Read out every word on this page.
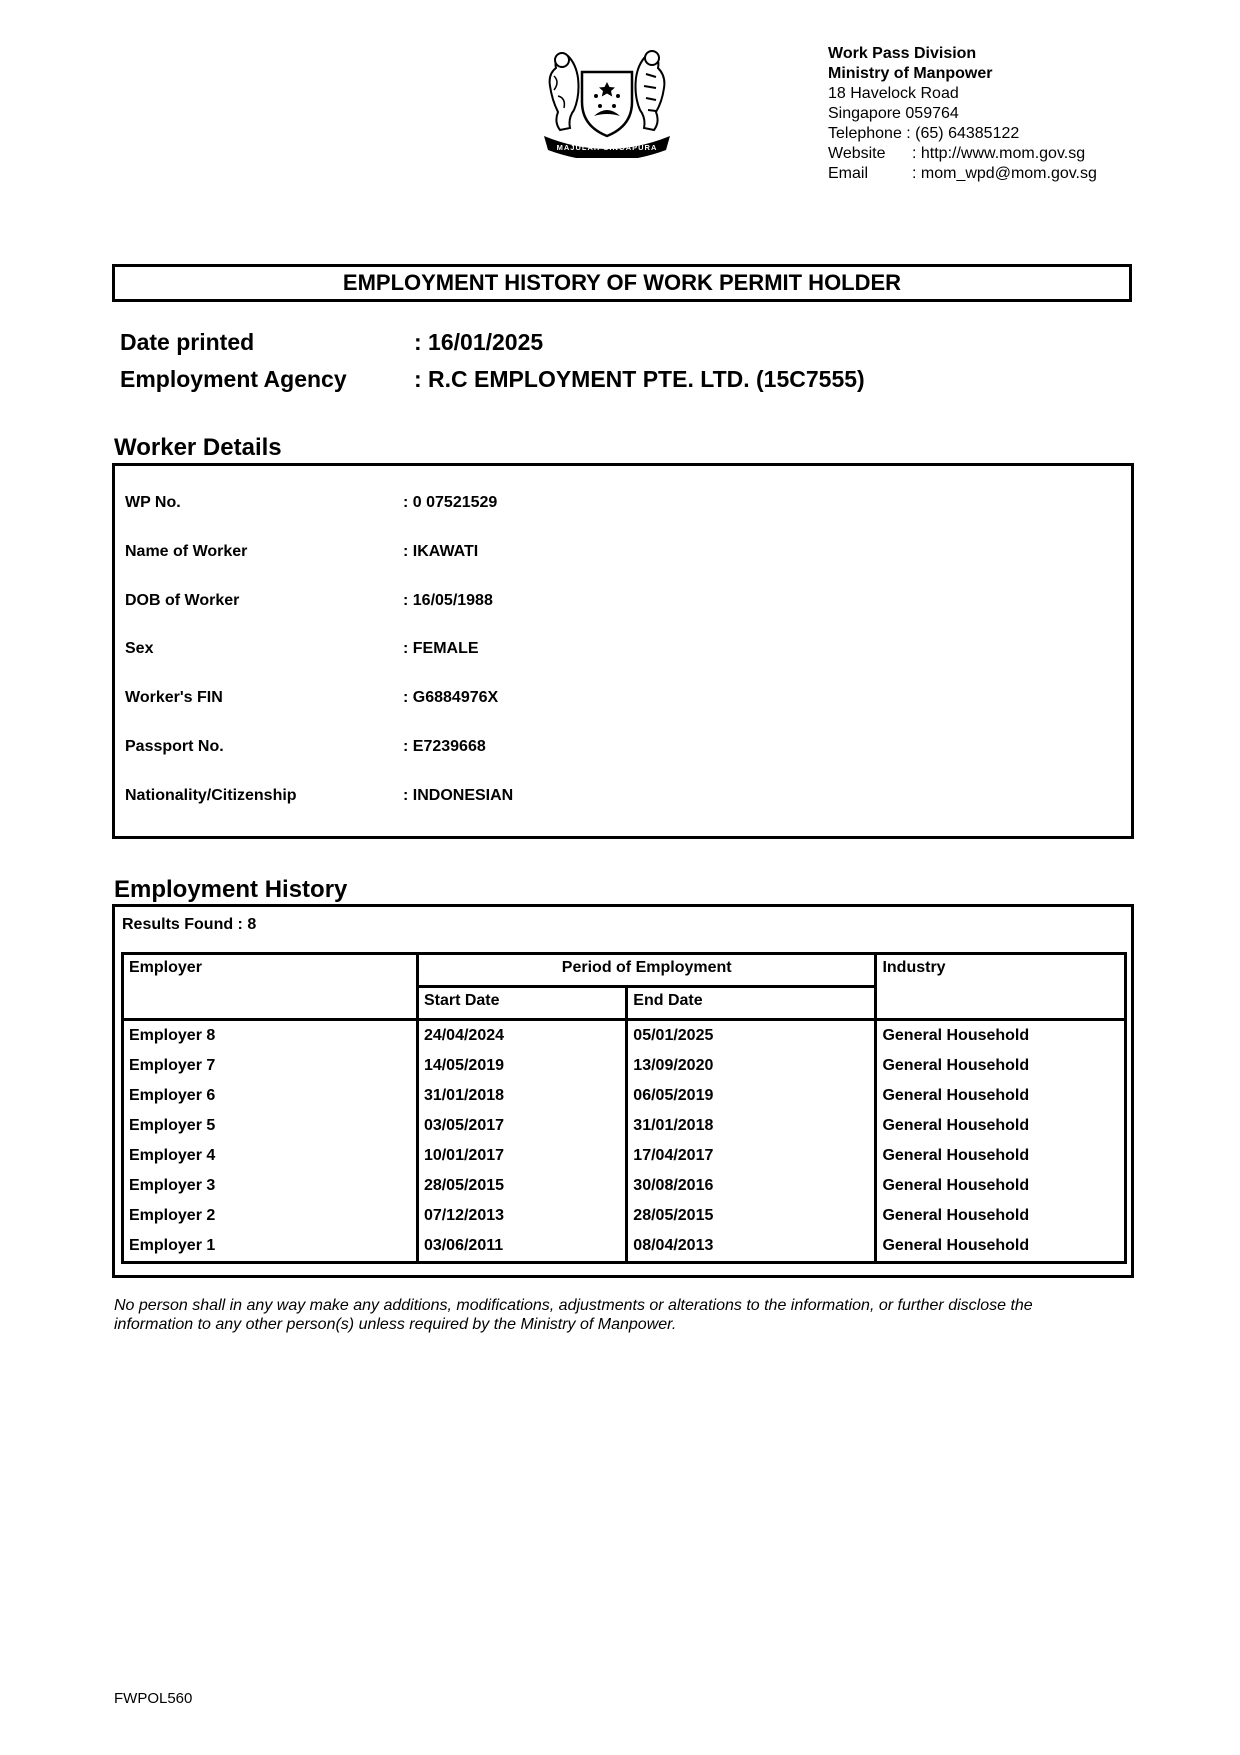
MAJULAH SINGAPURA
Work Pass Division
Ministry of Manpower
18 Havelock Road
Singapore 059764
Telephone : (65) 64385122
Website : http://www.mom.gov.sg
Email	: mom_wpd@mom.gov.sg
EMPLOYMENT HISTORY OF WORK PERMIT HOLDER
Date printed	: 16/01/2025
Employment Agency	: R.C EMPLOYMENT PTE. LTD. (15C7555)
Worker Details
WP No.	: 0 07521529
Name of Worker	: IKAWATI
DOB of Worker	: 16/05/1988
Sex	: FEMALE
Worker's FIN	: G6884976X
Passport No.	: E7239668
Nationality/Citizenship	: INDONESIAN
Employment History
Results Found : 8
Employer	Period of Employment		Industry
	Start Date	End Date	
Employer 8	24/04/2024	05/01/2025	General Household
Employer 7	14/05/2019	13/09/2020	General Household
Employer 6	31/01/2018	06/05/2019	General Household
Employer 5	03/05/2017	31/01/2018	General Household
Employer 4	10/01/2017	17/04/2017	General Household
Employer 3	28/05/2015	30/08/2016	General Household
Employer 2	07/12/2013	28/05/2015	General Household
Employer 1	03/06/2011	08/04/2013	General Household
No person shall in any way make any additions, modifications, adjustments or alterations to the information, or further disclose the information to any other person(s) unless required by the Ministry of Manpower.
FWPOL560
